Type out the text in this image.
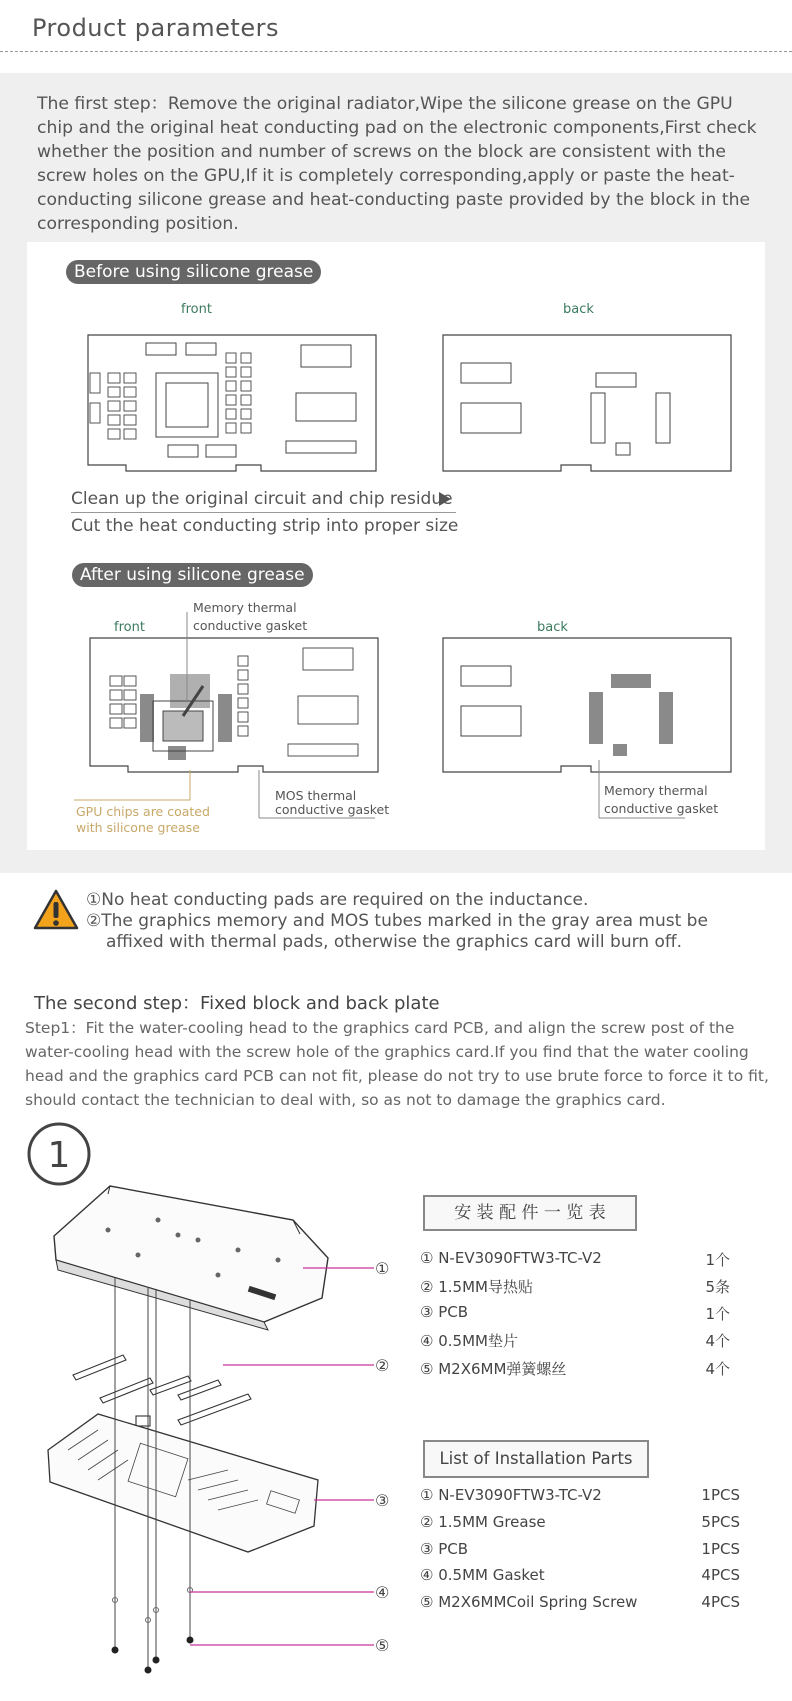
Product parameters
The first step：Remove the original radiator,Wipe the silicone grease on the GPU chip and the original heat conducting pad on the electronic components,First check whether the position and number of screws on the block are consistent with the screw holes on the GPU,If it is completely corresponding,apply or paste the heat-conducting silicone grease and heat-conducting paste provided by the block in the corresponding position.
Before using silicone grease
front	back
Clean up the original circuit and chip residue
Cut the heat conducting strip into proper size
After using silicone grease
Memory thermal
conductive gasket
front	back
GPU chips are coated
with silicone grease
MOS thermal
conductive gasket
Memory thermal
conductive gasket
①No heat conducting pads are required on the inductance.
②The graphics memory and MOS tubes marked in the gray area must be
affixed with thermal pads, otherwise the graphics card will burn off.
The second step：Fixed block and back plate
Step1：Fit the water-cooling head to the graphics card PCB, and align the screw post of the water-cooling head with the screw hole of the graphics card.If you find that the water cooling head and the graphics card PCB can not fit, please do not try to use brute force to force it to fit, should contact the technician to deal with, so as not to damage the graphics card.
1
①
②
③
④
⑤
安 装 配 件 一 览 表
① N-EV3090FTW3-TC-V2	1个
② 1.5MM导热贴	5条
③ PCB	1个
④ 0.5MM垫片	4个
⑤ M2X6MM弹簧螺丝	4个
List of Installation Parts
① N-EV3090FTW3-TC-V2	1PCS
② 1.5MM Grease	5PCS
③ PCB	1PCS
④ 0.5MM Gasket	4PCS
⑤ M2X6MMCoil Spring Screw	4PCS
